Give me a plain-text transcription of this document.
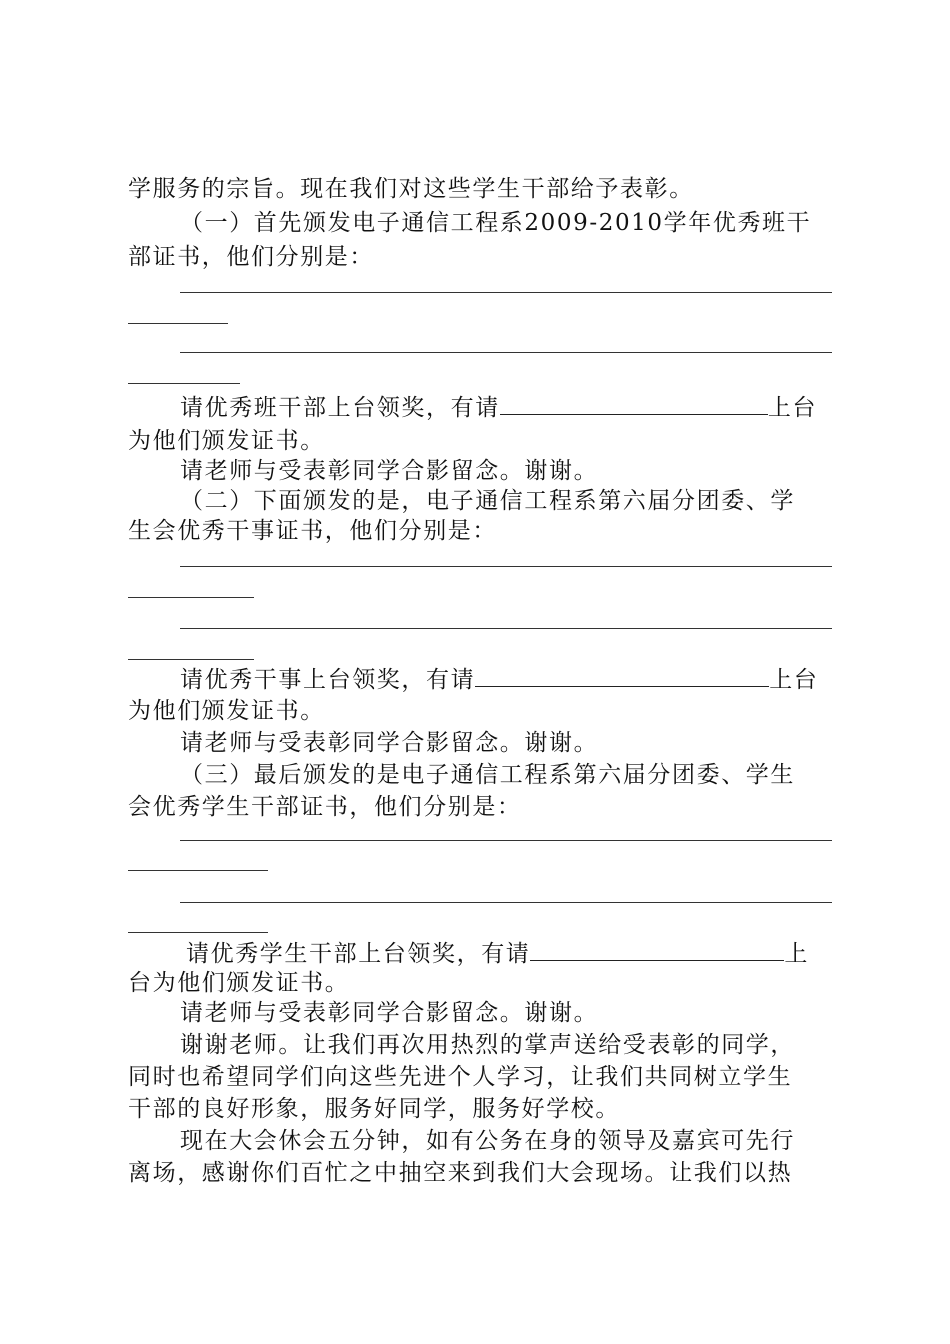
学服务的宗旨。现在我们对这些学生干部给予表彰。
（一）首先颁发电子通信工程系2009-2010学年优秀班干
部证书，他们分别是：
请优秀班干部上台领奖，有请	上台
为他们颁发证书。
请老师与受表彰同学合影留念。谢谢。
（二）下面颁发的是，电子通信工程系第六届分团委、学
生会优秀干事证书，他们分别是：
请优秀干事上台领奖，有请	上台
为他们颁发证书。
请老师与受表彰同学合影留念。谢谢。
（三）最后颁发的是电子通信工程系第六届分团委、学生
会优秀学生干部证书，他们分别是：
请优秀学生干部上台领奖，有请	上
台为他们颁发证书。
请老师与受表彰同学合影留念。谢谢。
谢谢老师。让我们再次用热烈的掌声送给受表彰的同学，
同时也希望同学们向这些先进个人学习，让我们共同树立学生
干部的良好形象，服务好同学，服务好学校。
现在大会休会五分钟，如有公务在身的领导及嘉宾可先行
离场，感谢你们百忙之中抽空来到我们大会现场。让我们以热
